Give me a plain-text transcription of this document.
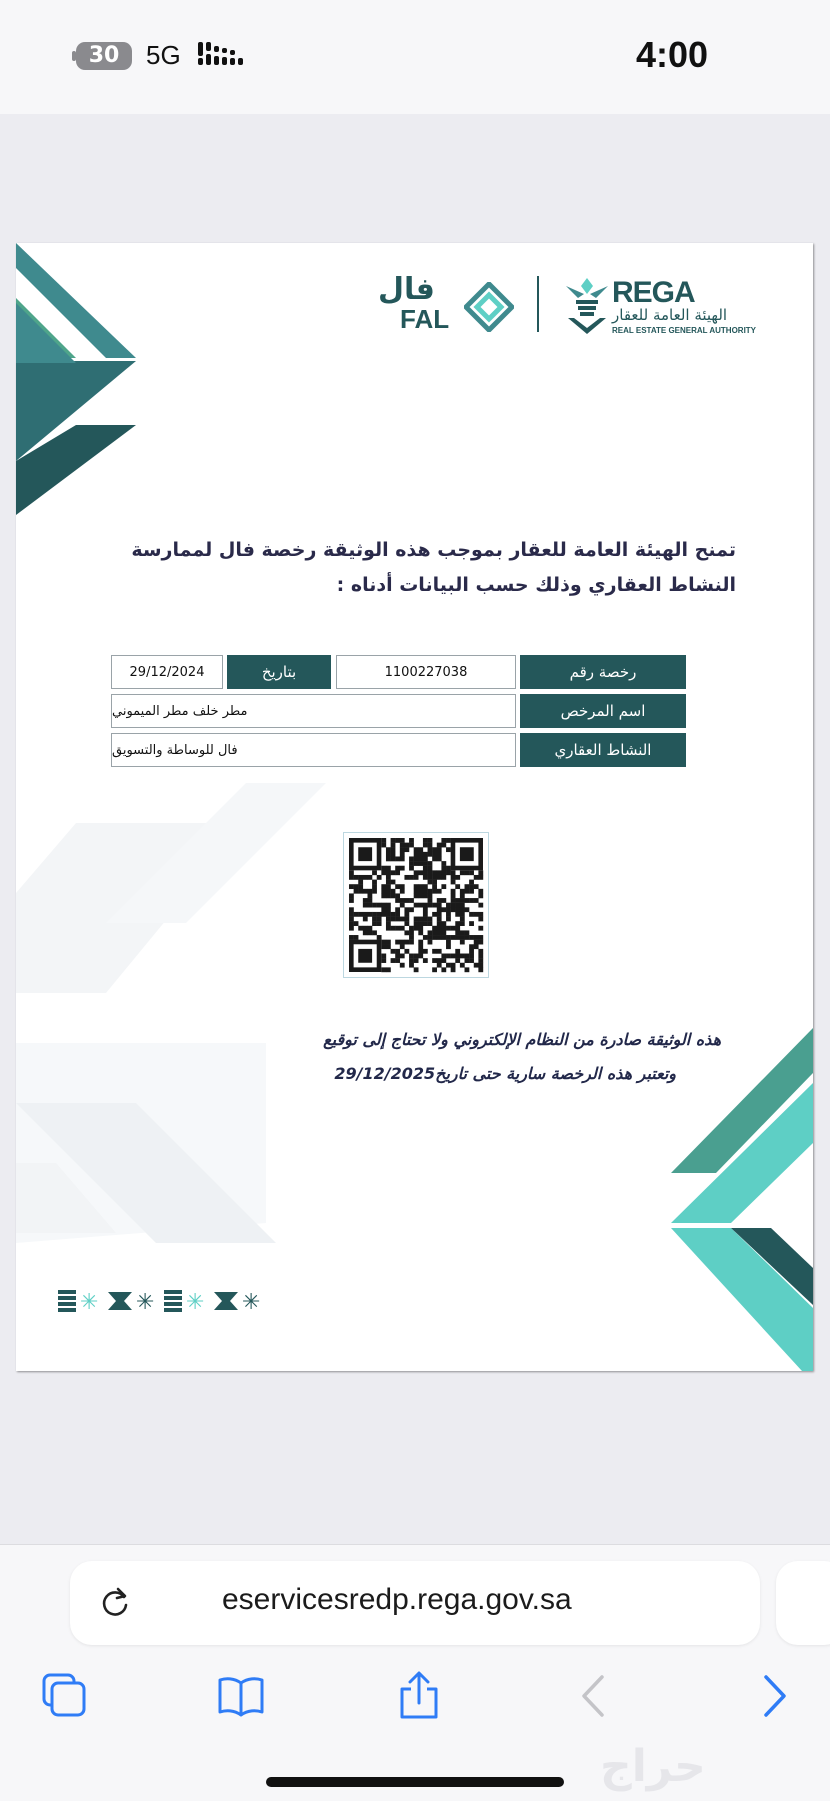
30	5G	4:00
✳ ✳ ✳ ✳
REGA
الهيئة العامة للعقار
REAL ESTATE GENERAL AUTHORITY
فال
FAL
تمنح الهيئة العامة للعقار بموجب هذه الوثيقة رخصة فال لممارسة
النشاط العقاري وذلك حسب البيانات أدناه :
رخصة رقم
1100227038
بتاريخ
29/12/2024
اسم المرخص
مطر خلف مطر الميموني
النشاط العقاري
فال للوساطة والتسويق
هذه الوثيقة صادرة من النظام الإلكتروني ولا تحتاج إلى توقيع
وتعتبر هذه الرخصة سارية حتى تاريخ29/12/2025
eservicesredp.rega.gov.sa
حراج
